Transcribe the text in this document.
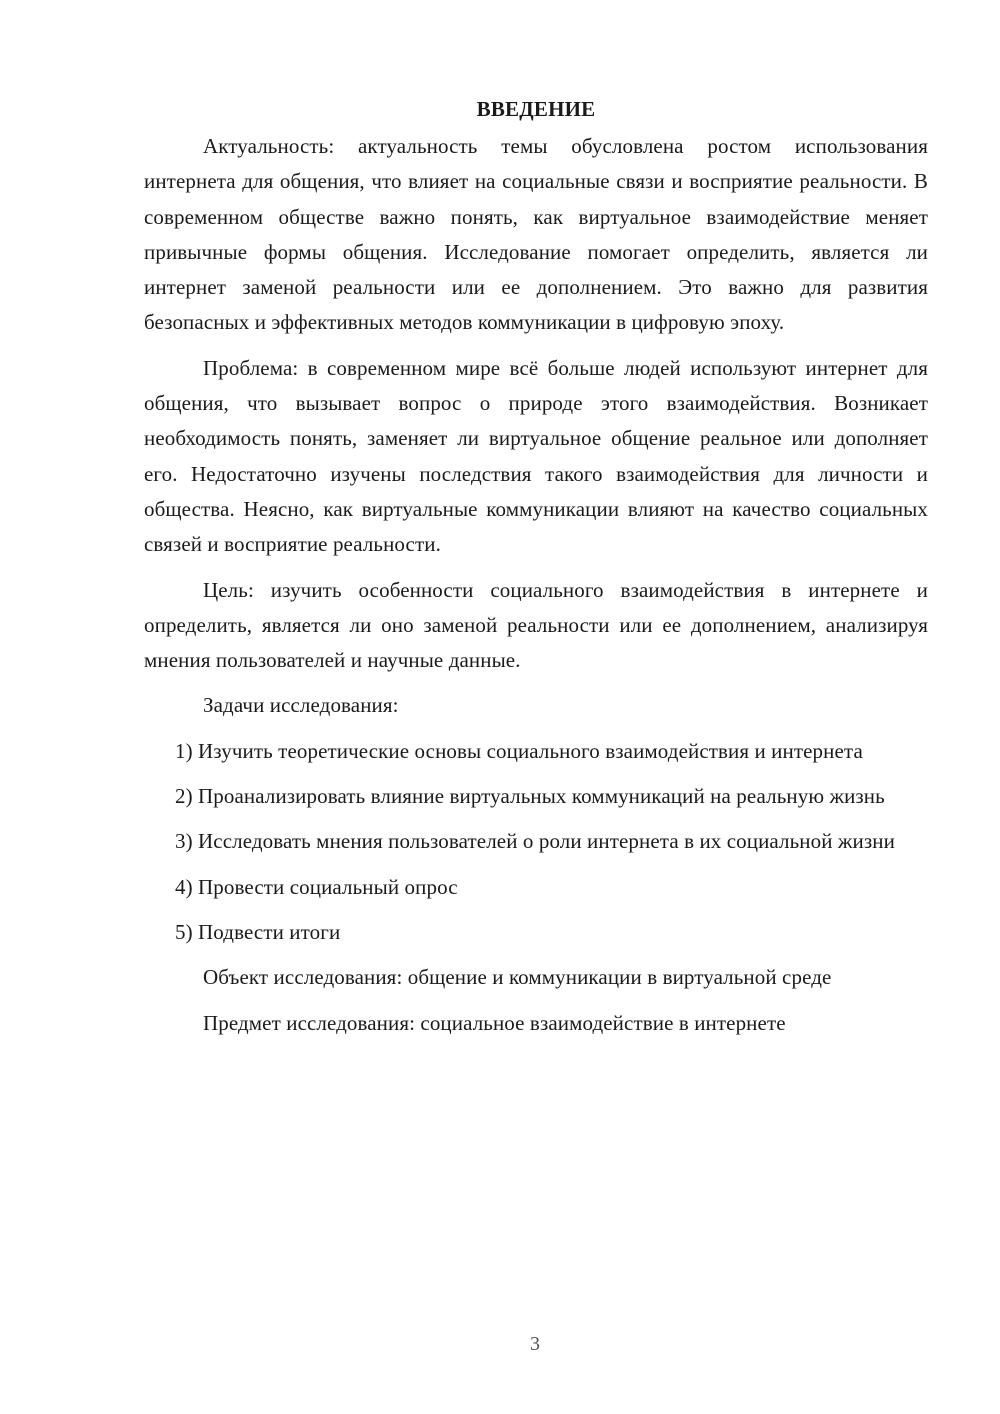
ВВЕДЕНИЕ

Актуальность: актуальность темы обусловлена ростом использования интернета для общения, что влияет на социальные связи и восприятие реальности. В современном обществе важно понять, как виртуальное взаимодействие меняет привычные формы общения. Исследование помогает определить, является ли интернет заменой реальности или ее дополнением. Это важно для развития безопасных и эффективных методов коммуникации в цифровую эпоху.

Проблема: в современном мире всё больше людей используют интернет для общения, что вызывает вопрос о природе этого взаимодействия. Возникает необходимость понять, заменяет ли виртуальное общение реальное или дополняет его. Недостаточно изучены последствия такого взаимодействия для личности и общества. Неясно, как виртуальные коммуникации влияют на качество социальных связей и восприятие реальности.

Цель: изучить особенности социального взаимодействия в интернете и определить, является ли оно заменой реальности или ее дополнением, анализируя мнения пользователей и научные данные.

Задачи исследования:

1) Изучить теоретические основы социального взаимодействия и интернета

2) Проанализировать влияние виртуальных коммуникаций на реальную жизнь

3) Исследовать мнения пользователей о роли интернета в их социальной жизни

4) Провести социальный опрос

5) Подвести итоги

Объект исследования: общение и коммуникации в виртуальной среде

Предмет исследования: социальное взаимодействие в интернете

3
